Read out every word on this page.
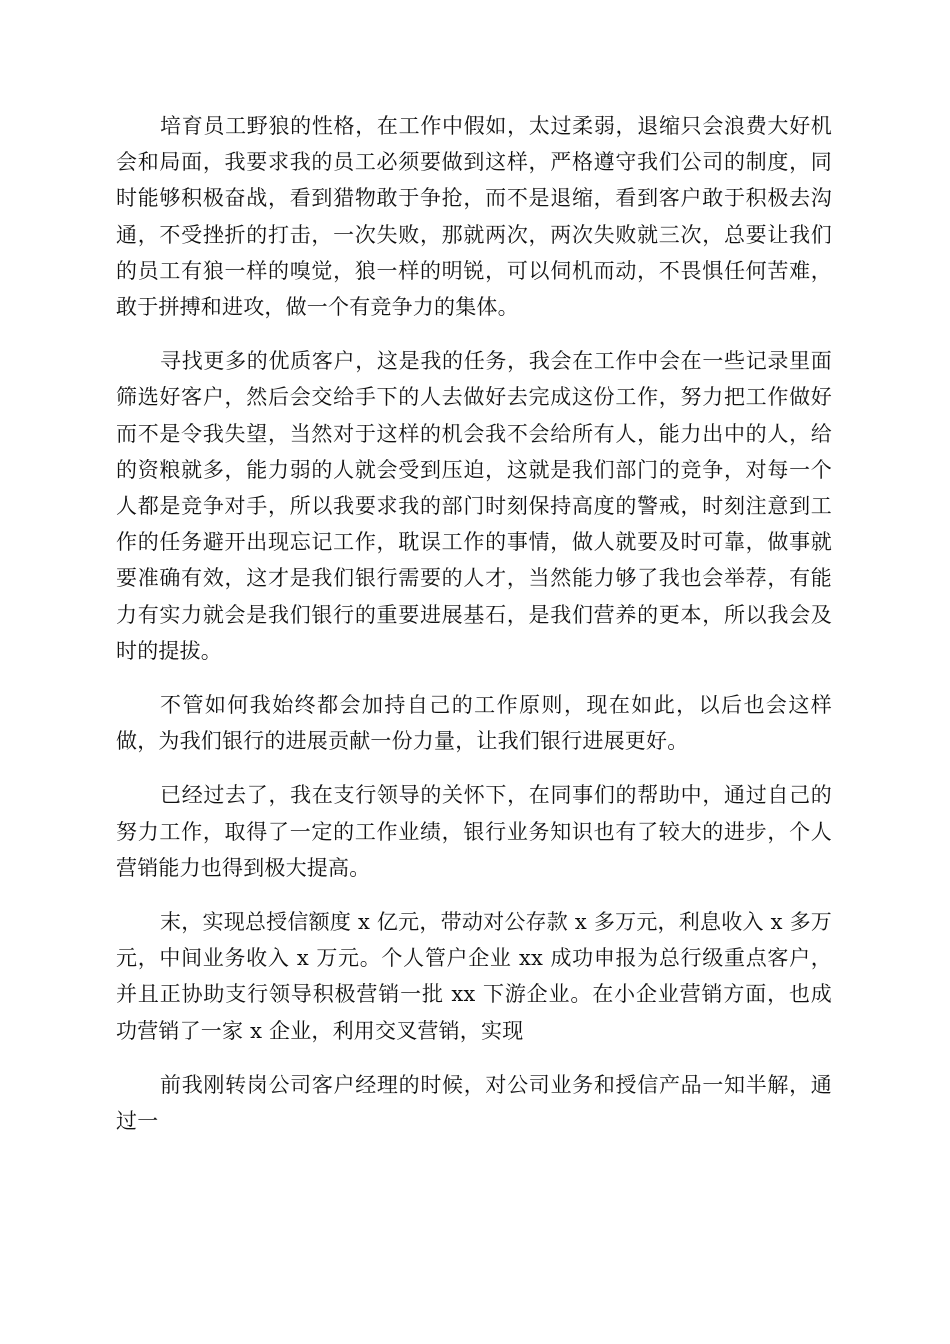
培育员工野狼的性格，在工作中假如，太过柔弱，退缩只会浪费大好机会和局面，我要求我的员工必须要做到这样，严格遵守我们公司的制度，同时能够积极奋战，看到猎物敢于争抢，而不是退缩，看到客户敢于积极去沟通，不受挫折的打击，一次失败，那就两次，两次失败就三次，总要让我们的员工有狼一样的嗅觉，狼一样的明锐，可以伺机而动，不畏惧任何苦难，敢于拼搏和进攻，做一个有竞争力的集体。

寻找更多的优质客户，这是我的任务，我会在工作中会在一些记录里面筛选好客户，然后会交给手下的人去做好去完成这份工作，努力把工作做好而不是令我失望，当然对于这样的机会我不会给所有人，能力出中的人，给的资粮就多，能力弱的人就会受到压迫，这就是我们部门的竞争，对每一个人都是竞争对手，所以我要求我的部门时刻保持高度的警戒，时刻注意到工作的任务避开出现忘记工作，耽误工作的事情，做人就要及时可靠，做事就要准确有效，这才是我们银行需要的人才，当然能力够了我也会举荐，有能力有实力就会是我们银行的重要进展基石，是我们营养的更本，所以我会及时的提拔。

不管如何我始终都会加持自己的工作原则，现在如此，以后也会这样做，为我们银行的进展贡献一份力量，让我们银行进展更好。

已经过去了，我在支行领导的关怀下，在同事们的帮助中，通过自己的努力工作，取得了一定的工作业绩，银行业务知识也有了较大的进步，个人营销能力也得到极大提高。

末，实现总授信额度 x 亿元，带动对公存款 x 多万元，利息收入 x 多万元，中间业务收入 x 万元。个人管户企业 xx 成功申报为总行级重点客户，并且正协助支行领导积极营销一批 xx 下游企业。在小企业营销方面，也成功营销了一家 x 企业，利用交叉营销，实现

前我刚转岗公司客户经理的时候，对公司业务和授信产品一知半解，通过一
